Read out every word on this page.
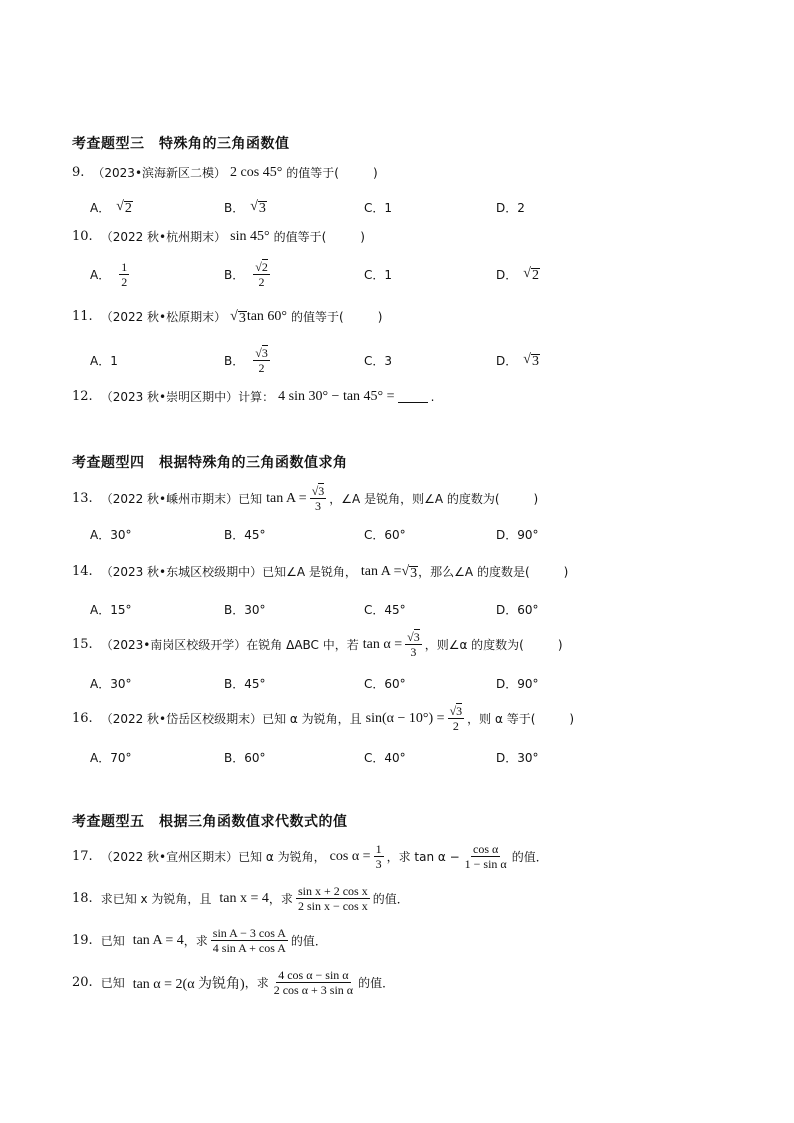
考查题型三　特殊角的三角函数值
9. （2023•滨海新区二模） 2 cos 45° 的值等于(	)
A． √ 2	B． √ 3	C．1	D．2
10. （2022 秋•杭州期末） sin 45° 的值等于(	)
A． $\frac{1}{2}$	B． $\frac{√2}{2}$	C．1	D． √ 2
11. （2022 秋•松原期末） √ 3 tan 60° 的值等于(	)
A．1	B． $\frac{√3}{2}$	C．3	D． √ 3
12. （2023 秋•崇明区期中）计算： 4 sin 30° − tan 45° =	.
考查题型四　根据特殊角的三角函数值求角
13. （2022 秋•嵊州市期末）已知 $\tan A = \frac{√3}{3}$ ，∠A 是锐角，则∠A 的度数为(	)
A．30°	B．45°	C．60°	D．90°
14. （2023 秋•东城区校级期中）已知∠A 是锐角， tan A = √ 3 ，那么∠A 的度数是(	)
A．15°	B．30°	C．45°	D．60°
15. （2023•南岗区校级开学）在锐角 ΔABC 中，若 $\tan \alpha = \frac{√3}{3}$ ，则∠α 的度数为(	)
A．30°	B．45°	C．60°	D．90°
16. （2022 秋•岱岳区校级期末）已知 α 为锐角，且 $\sin(\alpha - 10^\circ) = \frac{√3}{2}$ ，则 α 等于(	)
A．70°	B．60°	C．40°	D．30°
考查题型五　根据三角函数值求代数式的值
17. （2022 秋•宣州区期末）已知 α 为锐角， $\cos \alpha = \frac{1}{3}$ ，求 $\tan \alpha - \frac{\text{cos α}}{\text{1 − sin α}}$ 的值．
18. 求已知 x 为锐角，且 tan x = 4 ，求 $\frac{\text{sin x + 2 cos x}}{\text{2 sin x − cos x}}$ 的值．
19. 已知 tan A = 4 ，求 $\frac{\text{sin A − 3 cos A}}{\text{4 sin A + cos A}}$ 的值．
20. 已知 tan α = 2(α 为锐角) ，求 $\frac{\text{4 cos α − sin α}}{\text{2 cos α + 3 sin α}}$ 的值．
